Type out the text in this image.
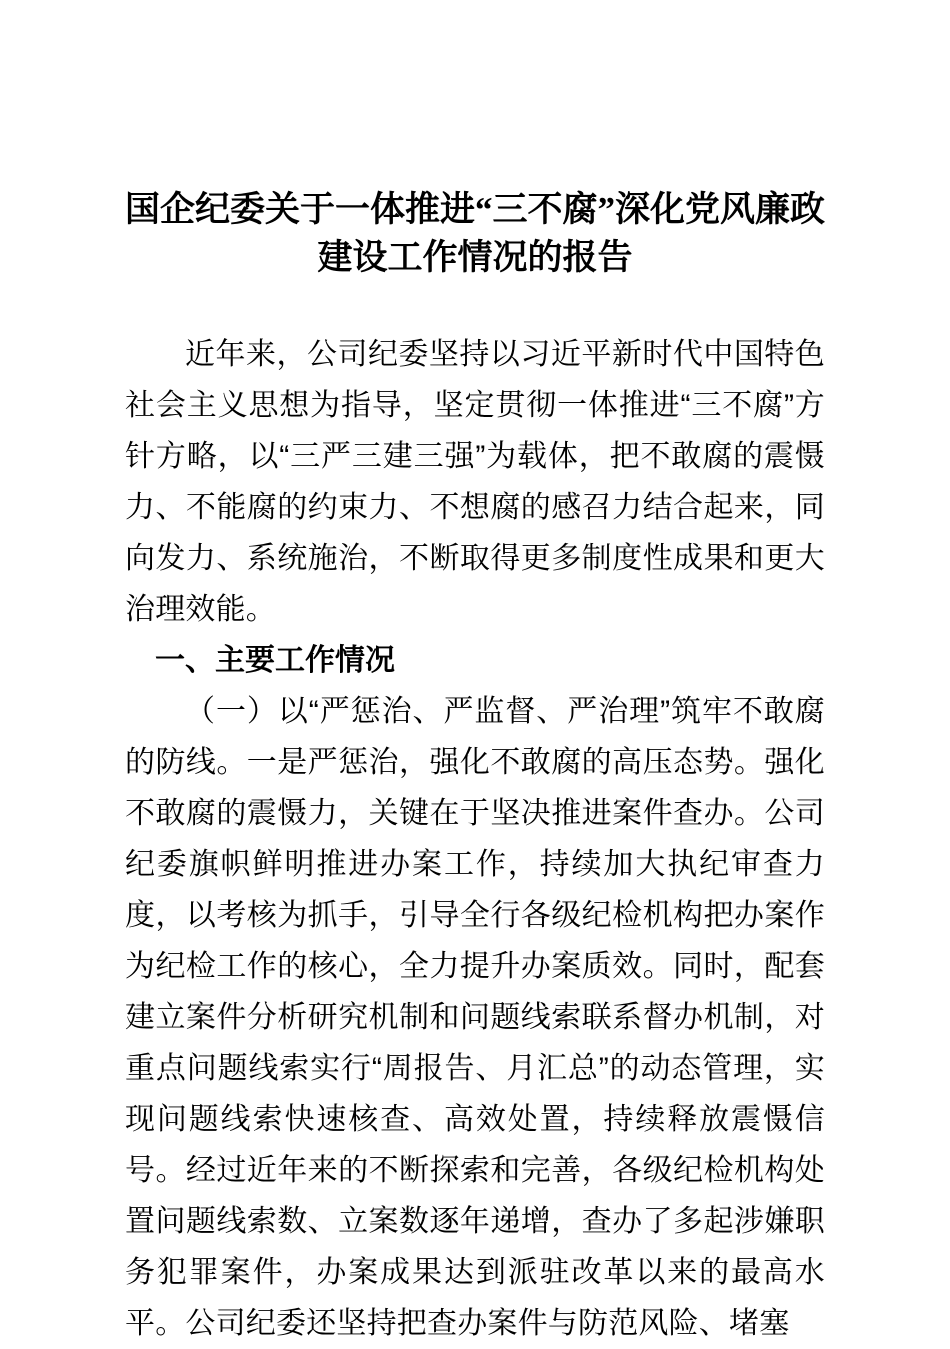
国企纪委关于一体推进“三不腐”深化党风廉政
建设工作情况的报告

近年来，公司纪委坚持以习近平新时代中国特色社会主义思想为指导，坚定贯彻一体推进“三不腐”方针方略，以“三严三建三强”为载体，把不敢腐的震慑力、不能腐的约束力、不想腐的感召力结合起来，同向发力、系统施治，不断取得更多制度性成果和更大治理效能。

一、主要工作情况

（一）以“严惩治、严监督、严治理”筑牢不敢腐的防线。一是严惩治，强化不敢腐的高压态势。强化不敢腐的震慑力，关键在于坚决推进案件查办。公司纪委旗帜鲜明推进办案工作，持续加大执纪审查力度，以考核为抓手，引导全行各级纪检机构把办案作为纪检工作的核心，全力提升办案质效。同时，配套建立案件分析研究机制和问题线索联系督办机制，对重点问题线索实行“周报告、月汇总”的动态管理，实现问题线索快速核查、高效处置，持续释放震慑信号。经过近年来的不断探索和完善，各级纪检机构处置问题线索数、立案数逐年递增，查办了多起涉嫌职务犯罪案件，办案成果达到派驻改革以来的最高水平。公司纪委还坚持把查办案件与防范风险、堵塞
